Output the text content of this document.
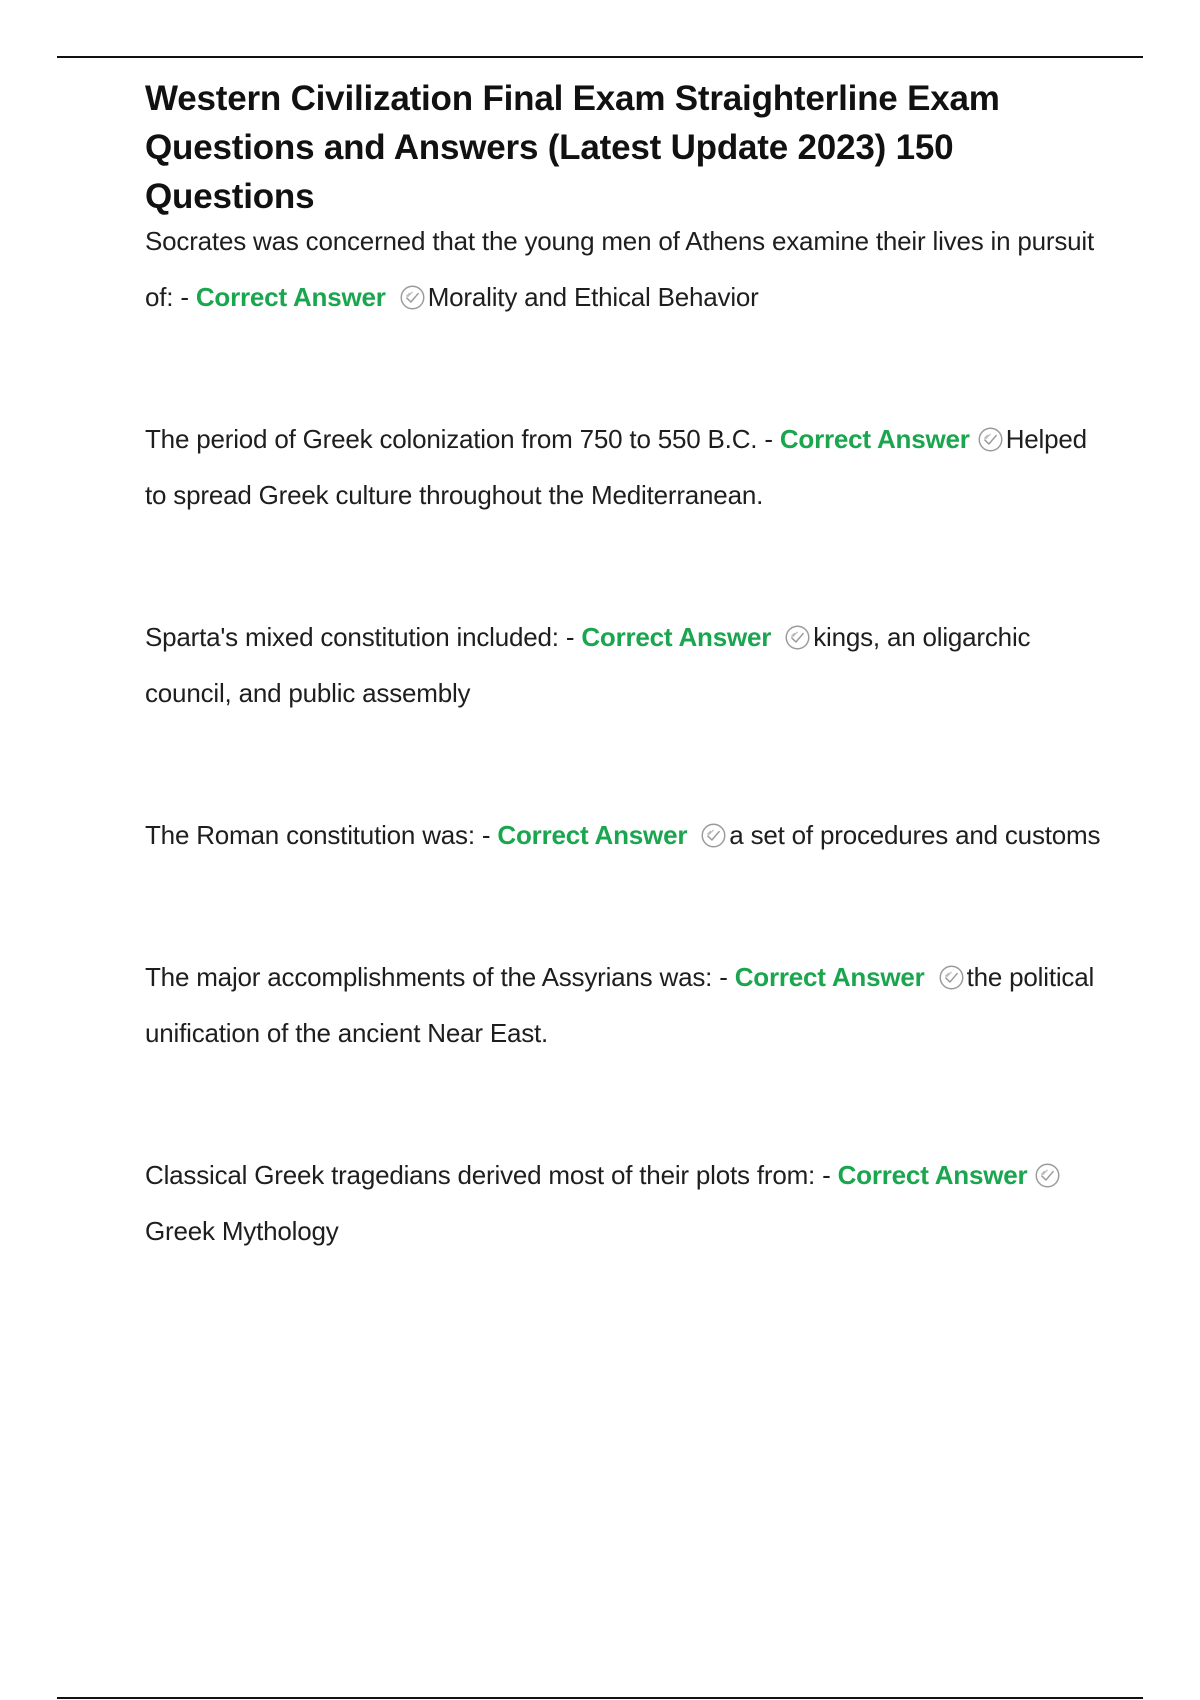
Western Civilization Final Exam Straighterline Exam Questions and Answers (Latest Update 2023) 150 Questions
Socrates was concerned that the young men of Athens examine their lives in pursuit of: - Correct Answer Morality and Ethical Behavior
The period of Greek colonization from 750 to 550 B.C. - Correct Answer Helped to spread Greek culture throughout the Mediterranean.
Sparta's mixed constitution included: - Correct Answer kings, an oligarchic council, and public assembly
The Roman constitution was: - Correct Answer a set of procedures and customs
The major accomplishments of the Assyrians was: - Correct Answer the political unification of the ancient Near East.
Classical Greek tragedians derived most of their plots from: - Correct Answer
Greek Mythology
